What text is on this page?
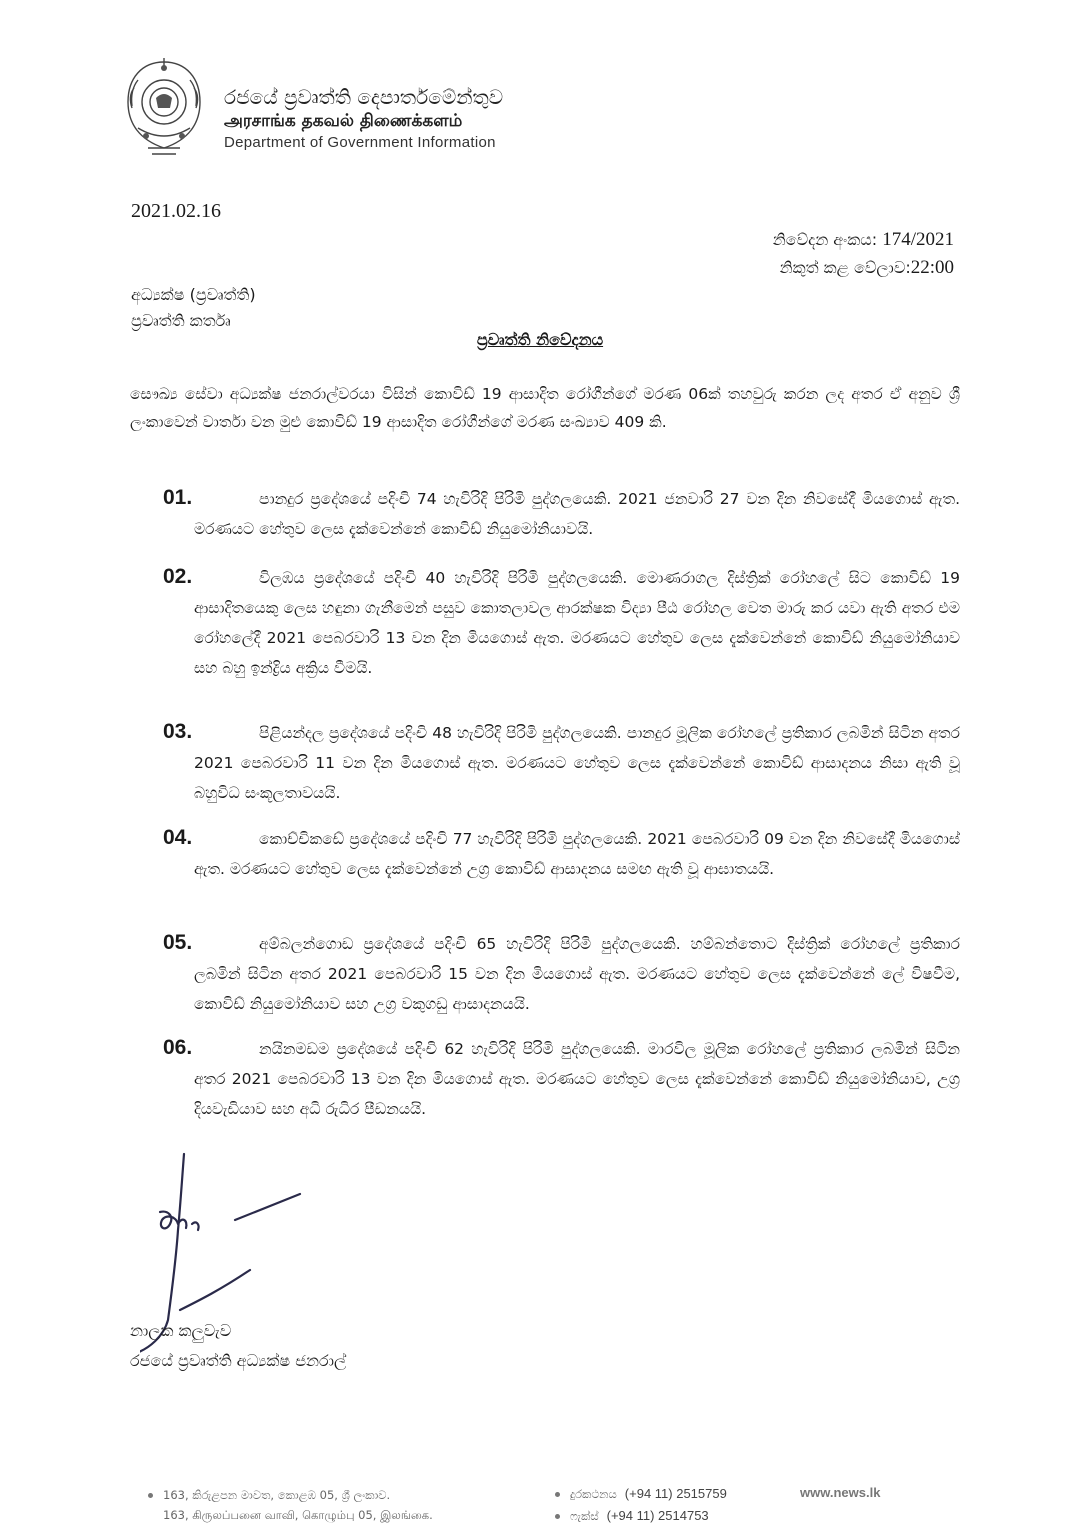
රජයේ ප්‍රවෘත්ති දෙපාර්තමේන්තුව
அரசாங்க தகவல் திணைக்களம்
Department of Government Information
2021.02.16
නිවේදන අංකය: 174/2021
නිකුත් කළ වේලාව:22:00
අධ්‍යක්ෂ (ප්‍රවෘත්ති)
ප්‍රවෘත්ති කර්තෘ
ප්‍රවෘත්ති නිවේදනය
සෞඛ්‍ය සේවා අධ්‍යක්ෂ ජනරාල්වරයා විසින් කොවිඩ් 19 ආසාදිත රෝගීන්ගේ මරණ 06ක් තහවුරු කරන ලද අතර ඒ අනුව ශ්‍රී ලංකාවෙන් වාර්තා වන මුළු කොවිඩ් 19 ආසාදිත රෝගීන්ගේ මරණ සංඛ්‍යාව 409 කි.
01.	පානදුර ප්‍රදේශයේ පදිංචි 74 හැවිරිදි පිරිමි පුද්ගලයෙකි. 2021 ජනවාරි 27 වන දින නිවසේදී මියගොස් ඇත. මරණයට හේතුව ලෙස දැක්වෙන්නේ කොවිඩ් නියුමෝනියාවයි.
02.	විලඹය ප්‍රදේශයේ පදිංචි 40 හැවිරිදි පිරිමි පුද්ගලයෙකි. මොණරාගල දිස්ත්‍රික් රෝහලේ සිට කොවිඩ් 19 ආසාදිතයෙකු ලෙස හඳුනා ගැනීමෙන් පසුව කොතලාවල ආරක්ෂක විද්‍යා පීඨ රෝහල වෙත මාරු කර යවා ඇති අතර එම රෝහලේදී 2021 පෙබරවාරි 13 වන දින මියගොස් ඇත. මරණයට හේතුව ලෙස දැක්වෙන්නේ කොවිඩ් නියුමෝනියාව සහ බහු ඉන්ද්‍රිය අක්‍රිය වීමයි.
03.	පිළියන්දල ප්‍රදේශයේ පදිංචි 48 හැවිරිදි පිරිමි පුද්ගලයෙකි. පානදුර මූලික රෝහලේ ප්‍රතිකාර ලබමින් සිටින අතර 2021 පෙබරවාරි 11 වන දින මියගොස් ඇත. මරණයට හේතුව ලෙස දැක්වෙන්නේ කොවිඩ් ආසාදනය නිසා ඇති වූ බහුවිධ සංකූලතාවයයි.
04.	කොච්චිකඩේ ප්‍රදේශයේ පදිංචි 77 හැවිරිදි පිරිමි පුද්ගලයෙකි. 2021 පෙබරවාරි 09 වන දින නිවසේදී මියගොස් ඇත. මරණයට හේතුව ලෙස දැක්වෙන්නේ උග්‍ර කොවිඩ් ආසාදනය සමඟ ඇති වූ ආඝාතයයි.
05.	අම්බලන්ගොඩ ප්‍රදේශයේ පදිංචි 65 හැවිරිදි පිරිමි පුද්ගලයෙකි. හම්බන්තොට දිස්ත්‍රික් රෝහලේ ප්‍රතිකාර ලබමින් සිටින අතර 2021 පෙබරවාරි 15 වන දින මියගොස් ඇත. මරණයට හේතුව ලෙස දැක්වෙන්නේ ලේ විෂවීම, කොවිඩ් නියුමෝනියාව සහ උග්‍ර වකුගඩු ආසාදනයයි.
06.	නයිනමඩම ප්‍රදේශයේ පදිංචි 62 හැවිරිදි පිරිමි පුද්ගලයෙකි. මාරවිල මූලික රෝහලේ ප්‍රතිකාර ලබමින් සිටින අතර 2021 පෙබරවාරි 13 වන දින මියගොස් ඇත. මරණයට හේතුව ලෙස දැක්වෙන්නේ කොවිඩ් නියුමෝනියාව, උග්‍ර දියවැඩියාව සහ අධි රුධිර පීඩනයයි.
නාලක කලුවැව
රජයේ ප්‍රවෘත්ති අධ්‍යක්ෂ ජනරාල්
163, කිරුළපන මාවත, කොළඹ 05, ශ්‍රී ලංකාව.
163, கிருலப்பனை வாவி, கொழும்பு 05, இலங்கை.
දුරකථනය (+94 11) 2515759
ෆැක්ස් (+94 11) 2514753
www.news.lk
